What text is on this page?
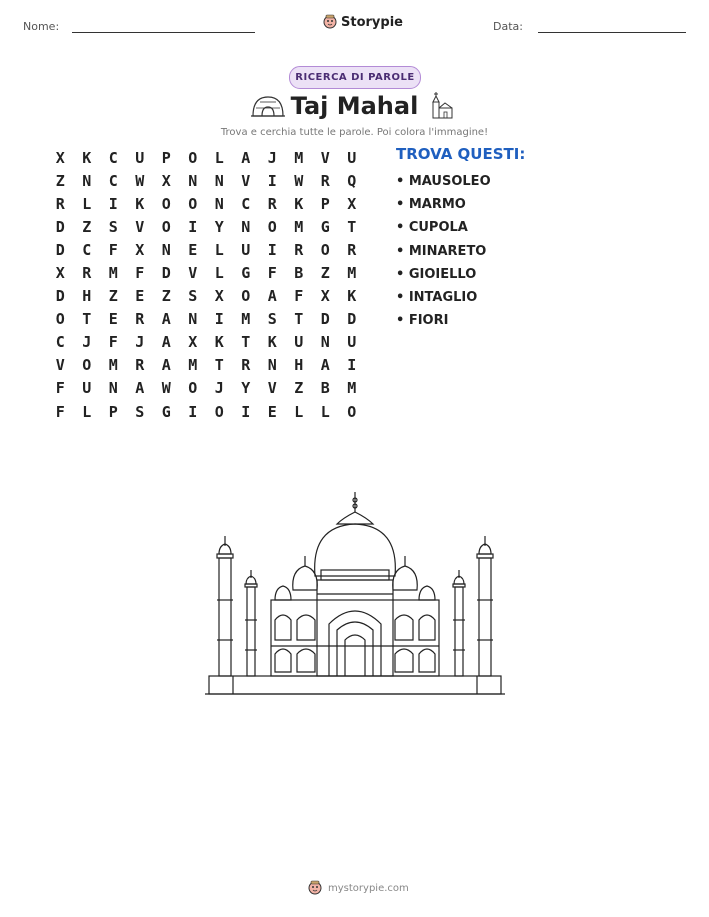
Nome:	Storypie	Data:
RICERCA DI PAROLE
Taj Mahal
Trova e cerchia tutte le parole. Poi colora l'immagine!
X	K	C	U	P	O	L	A	J	M	V	U
Z	N	C	W	X	N	N	V	I	W	R	Q
R	L	I	K	O	O	N	C	R	K	P	X
D	Z	S	V	O	I	Y	N	O	M	G	T
D	C	F	X	N	E	L	U	I	R	O	R
X	R	M	F	D	V	L	G	F	B	Z	M
D	H	Z	E	Z	S	X	O	A	F	X	K
O	T	E	R	A	N	I	M	S	T	D	D
C	J	F	J	A	X	K	T	K	U	N	U
V	O	M	R	A	M	T	R	N	H	A	I
F	U	N	A	W	O	J	Y	V	Z	B	M
F	L	P	S	G	I	O	I	E	L	L	O
TROVA QUESTI:
• MAUSOLEO
• MARMO
• CUPOLA
• MINARETO
• GIOIELLO
• INTAGLIO
• FIORI
mystorypie.com
